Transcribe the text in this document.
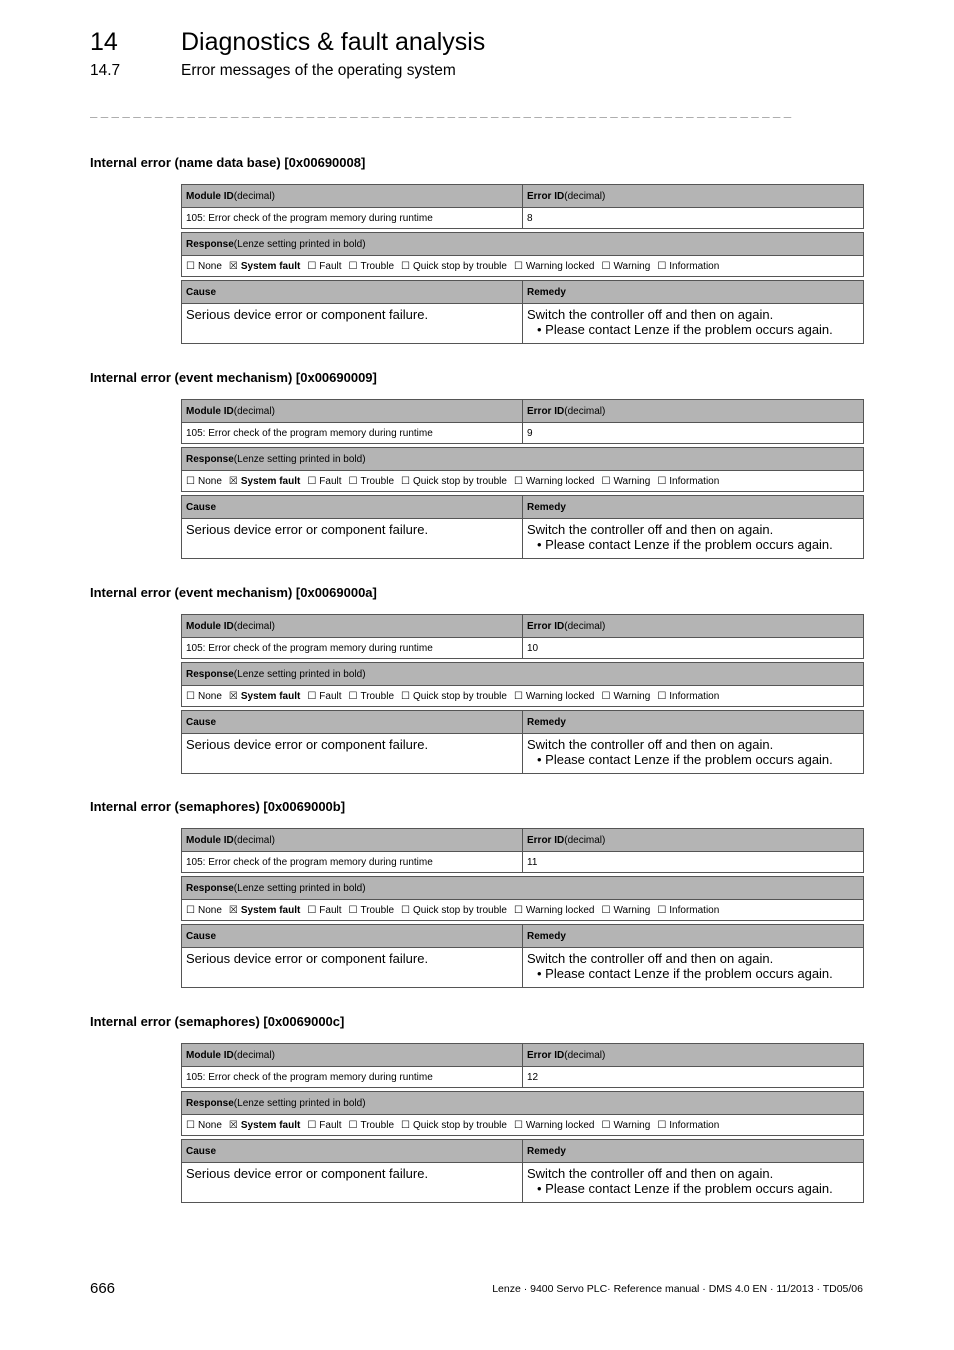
14	Diagnostics & fault analysis
14.7	Error messages of the operating system
_ _ _ _ _ _ _ _ _ _ _ _ _ _ _ _ _ _ _ _ _ _ _ _ _ _ _ _ _ _ _ _ _ _ _ _ _ _ _ _ _ _ _ _ _ _ _ _ _ _ _ _ _ _ _ _ _ _ _ _ _ _ _ _ _
Internal error (name data base) [0x00690008]
Module ID (decimal)	Error ID (decimal)
105: Error check of the program memory during runtime	8
Response (Lenze setting printed in bold)
☐ None ☒ System fault ☐ Fault ☐ Trouble ☐ Quick stop by trouble ☐ Warning locked ☐ Warning ☐ Information
Cause	Remedy
Serious device error or component failure.	Switch the controller off and then on again.
• Please contact Lenze if the problem occurs again.
Internal error (event mechanism) [0x00690009]
Module ID (decimal)	Error ID (decimal)
105: Error check of the program memory during runtime	9
Response (Lenze setting printed in bold)
☐ None ☒ System fault ☐ Fault ☐ Trouble ☐ Quick stop by trouble ☐ Warning locked ☐ Warning ☐ Information
Cause	Remedy
Serious device error or component failure.	Switch the controller off and then on again.
• Please contact Lenze if the problem occurs again.
Internal error (event mechanism) [0x0069000a]
Module ID (decimal)	Error ID (decimal)
105: Error check of the program memory during runtime	10
Response (Lenze setting printed in bold)
☐ None ☒ System fault ☐ Fault ☐ Trouble ☐ Quick stop by trouble ☐ Warning locked ☐ Warning ☐ Information
Cause	Remedy
Serious device error or component failure.	Switch the controller off and then on again.
• Please contact Lenze if the problem occurs again.
Internal error (semaphores) [0x0069000b]
Module ID (decimal)	Error ID (decimal)
105: Error check of the program memory during runtime	11
Response (Lenze setting printed in bold)
☐ None ☒ System fault ☐ Fault ☐ Trouble ☐ Quick stop by trouble ☐ Warning locked ☐ Warning ☐ Information
Cause	Remedy
Serious device error or component failure.	Switch the controller off and then on again.
• Please contact Lenze if the problem occurs again.
Internal error (semaphores) [0x0069000c]
Module ID (decimal)	Error ID (decimal)
105: Error check of the program memory during runtime	12
Response (Lenze setting printed in bold)
☐ None ☒ System fault ☐ Fault ☐ Trouble ☐ Quick stop by trouble ☐ Warning locked ☐ Warning ☐ Information
Cause	Remedy
Serious device error or component failure.	Switch the controller off and then on again.
• Please contact Lenze if the problem occurs again.
666	Lenze · 9400 Servo PLC· Reference manual · DMS 4.0 EN · 11/2013 · TD05/06
